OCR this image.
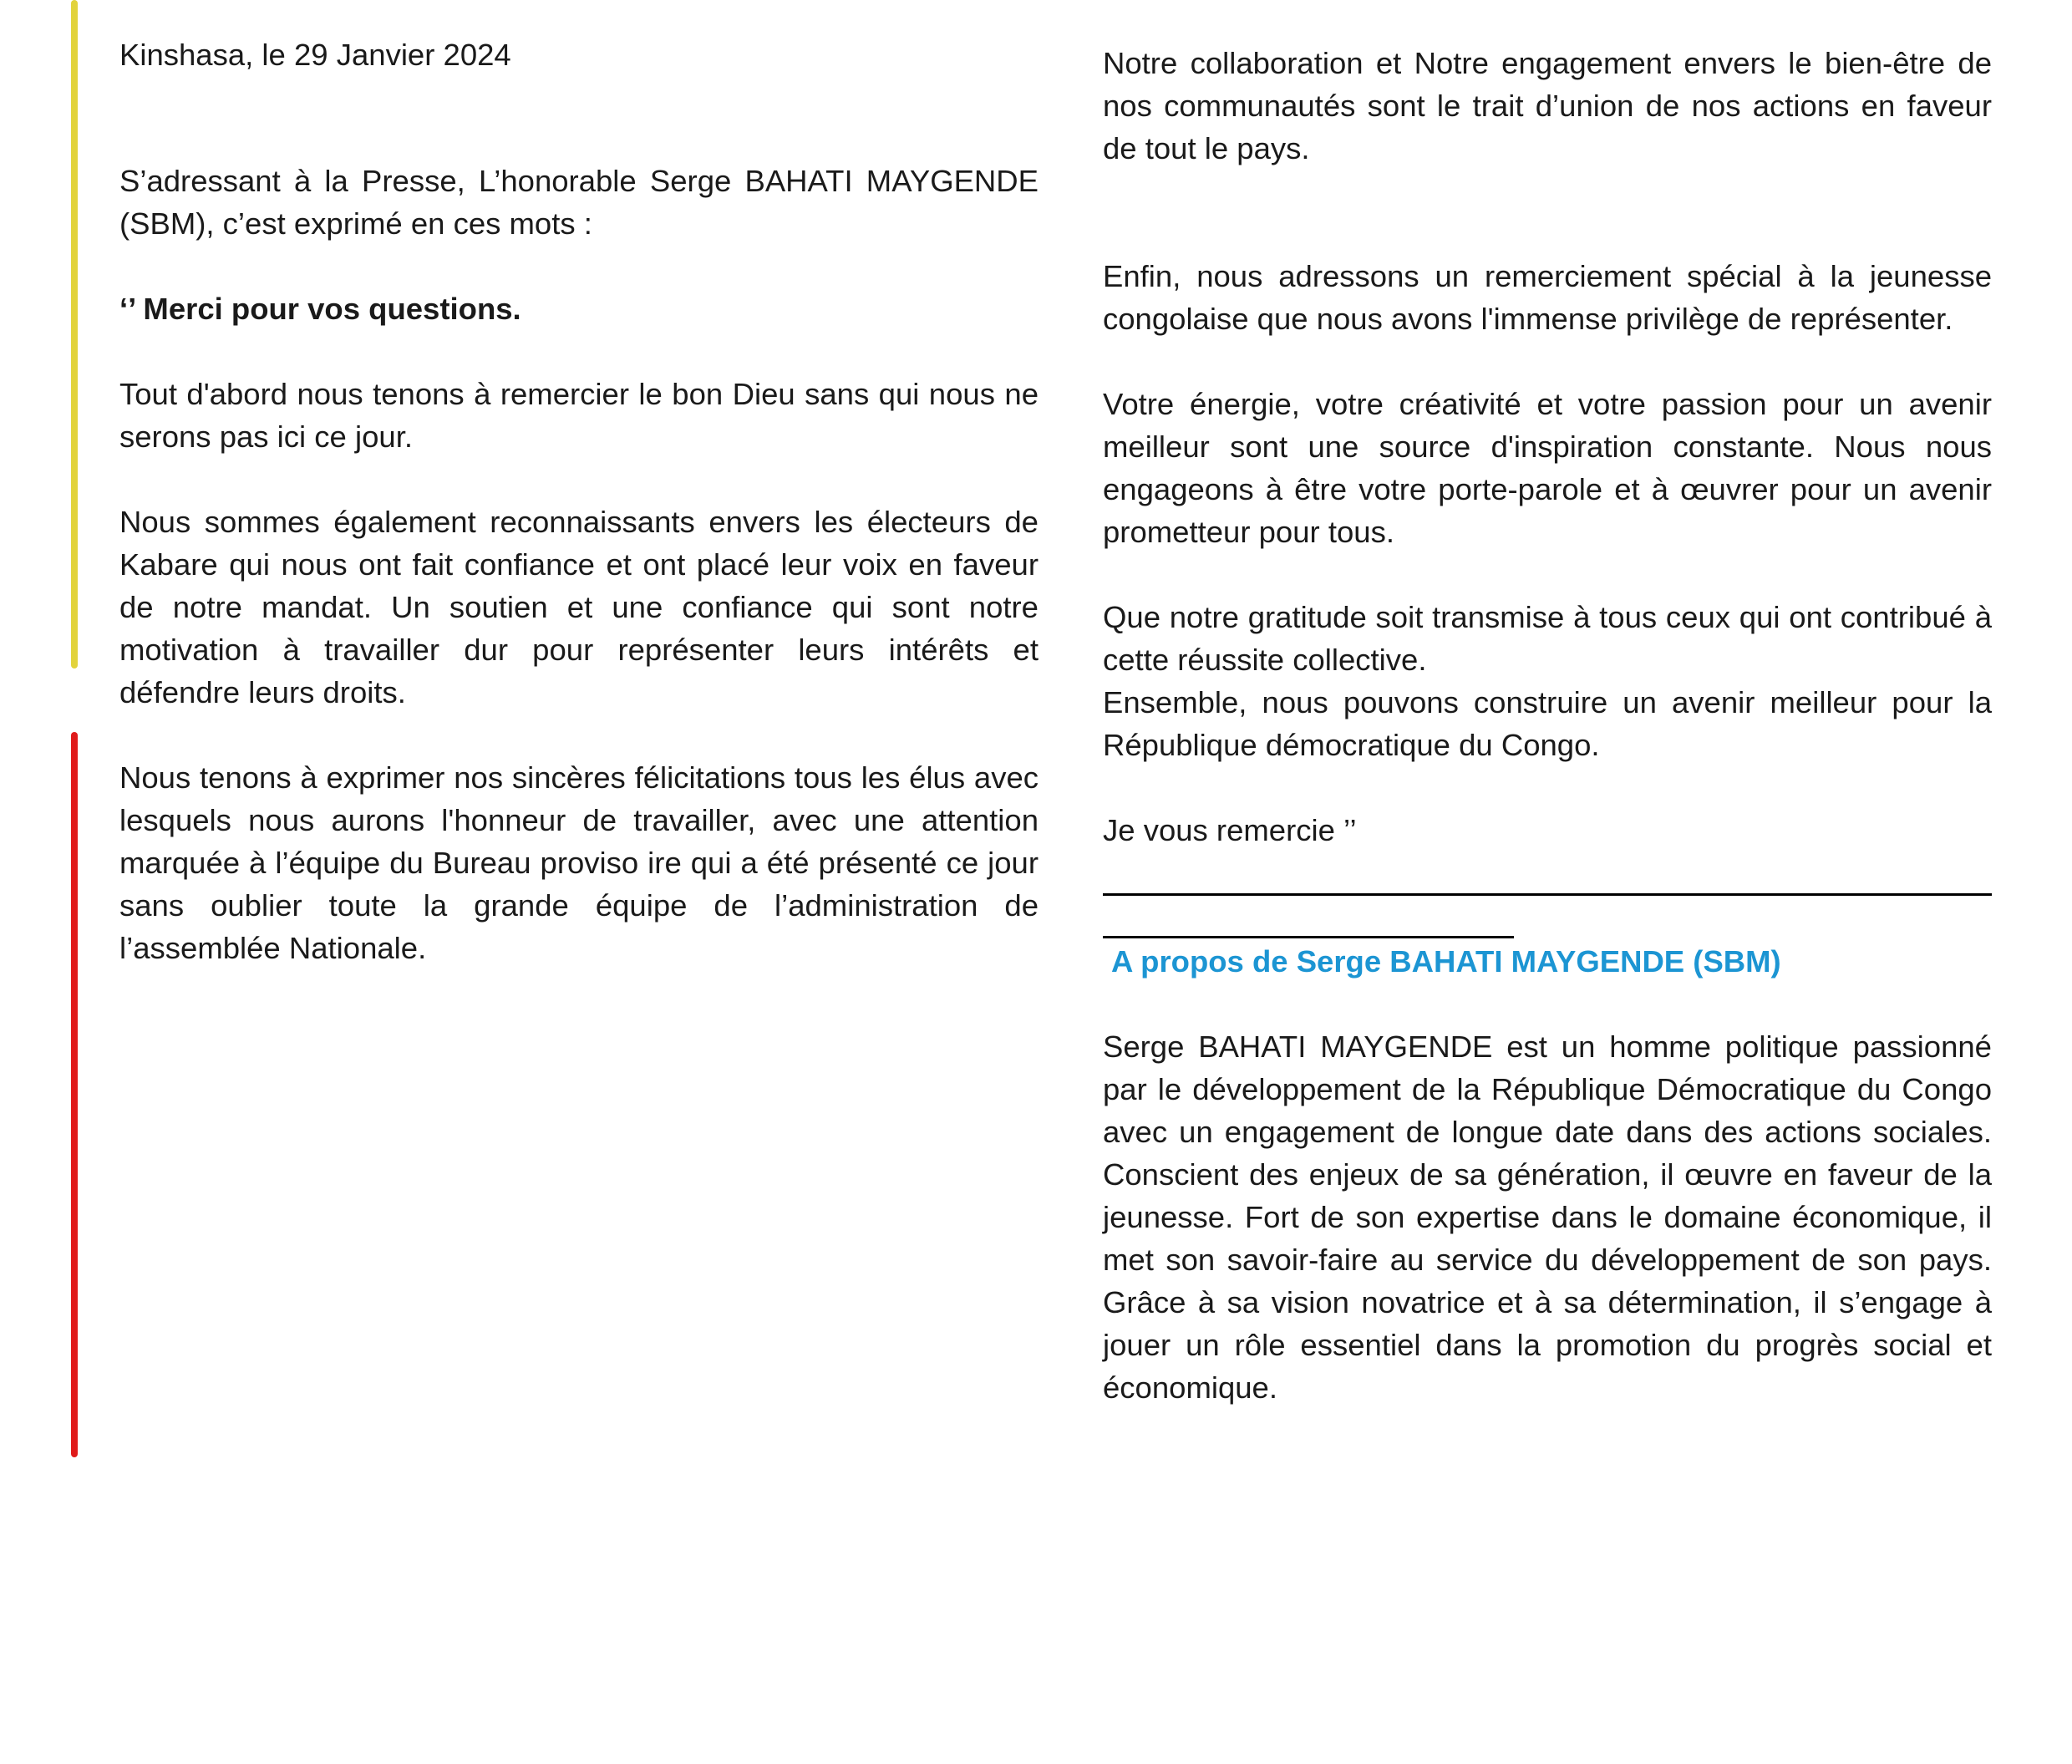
Kinshasa, le 29 Janvier 2024

S’adressant à la Presse, L’honorable Serge BAHATI MAYGENDE (SBM), c’est exprimé en ces mots :

‘’ Merci pour vos questions.

Tout d'abord nous tenons à remercier le bon Dieu sans qui nous ne serons pas ici ce jour.

Nous sommes également reconnaissants envers les électeurs de Kabare qui nous ont fait confiance et ont placé leur voix en faveur de notre mandat. Un soutien et une confiance qui sont notre motivation à travailler dur pour représenter leurs intérêts et défendre leurs droits.

Nous tenons à exprimer nos sincères félicitations tous les élus avec lesquels nous aurons l'honneur de travailler, avec une attention marquée à l’équipe du Bureau proviso ire qui a été présenté ce jour sans oublier toute la grande équipe de l’administration de l’assemblée Nationale.

Notre collaboration et Notre engagement envers le bien-être de nos communautés sont le trait d’union de nos actions en faveur de tout le pays.

Enfin, nous adressons un remerciement spécial à la jeunesse congolaise que nous avons l'immense privilège de représenter.

Votre énergie, votre créativité et votre passion pour un avenir meilleur sont une source d'inspiration constante. Nous nous engageons à être votre porte-parole et à œuvrer pour un avenir prometteur pour tous.

Que notre gratitude soit transmise à tous ceux qui ont contribué à cette réussite collective.

Ensemble, nous pouvons construire un avenir meilleur pour la République démocratique du Congo.

Je vous remercie ’’

A propos de Serge BAHATI MAYGENDE (SBM)

Serge BAHATI MAYGENDE est un homme politique passionné par le développement de la République Démocratique du Congo avec un engagement de longue date dans des actions sociales. Conscient des enjeux de sa génération, il œuvre en faveur de la jeunesse. Fort de son expertise dans le domaine économique, il met son savoir-faire au service du développement de son pays. Grâce à sa vision novatrice et à sa détermination, il s’engage à jouer un rôle essentiel dans la promotion du progrès social et économique.
